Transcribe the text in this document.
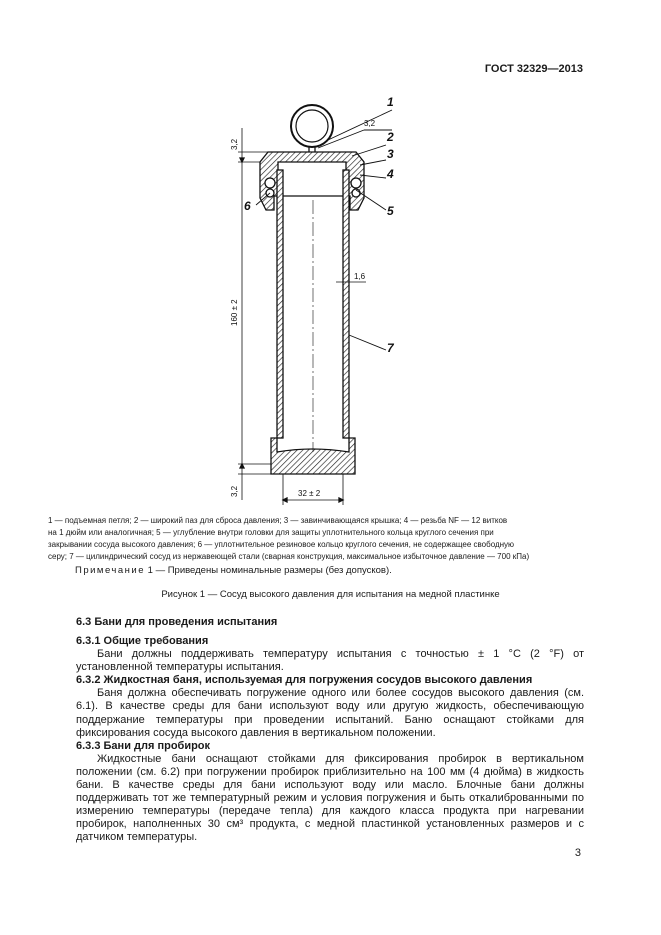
ГОСТ 32329—2013
1
2
3
4
5
6
7
3,2
3,2
160 ± 2
1,6
32 ± 2
3,2

1 — подъемная петля; 2 — широкий паз для сброса давления; 3 — завинчивающаяся крышка; 4 — резьба NF — 12 витков

на 1 дюйм или аналогичная; 5 — углубление внутри головки для защиты уплотнительного кольца круглого сечения при

закрывании сосуда высокого давления; 6 — уплотнительное резиновое кольцо круглого сечения, не содержащее свободную

серу; 7 — цилиндрический сосуд из нержавеющей стали (сварная конструкция, максимальное избыточное давление — 700 кПа)

Примечание 1 — Приведены номинальные размеры (без допусков).
Рисунок 1 — Сосуд высокого давления для испытания на медной пластинке
6.3 Бани для проведения испытания
6.3.1 Общие требования

Бани должны поддерживать температуру испытания с точностью ± 1 °С (2 °F) от установленной температуры испытания.

6.3.2 Жидкостная баня, используемая для погружения сосудов высокого давления

Баня должна обеспечивать погружение одного или более сосудов высокого давления (см. 6.1). В качестве среды для бани используют воду или другую жидкость, обеспечивающую поддержание температуры при проведении испытаний. Баню оснащают стойками для фиксирования сосуда высокого давления в вертикальном положении.

6.3.3 Бани для пробирок

Жидкостные бани оснащают стойками для фиксирования пробирок в вертикальном положении (см. 6.2) при погружении пробирок приблизительно на 100 мм (4 дюйма) в жидкость бани. В качестве среды для бани используют воду или масло. Блочные бани должны поддерживать тот же температурный режим и условия погружения и быть откалиброванными по измерению температуры (передаче тепла) для каждого класса продукта при нагревании пробирок, наполненных 30 см³ продукта, с медной пластинкой установленных размеров и с датчиком температуры.

3
